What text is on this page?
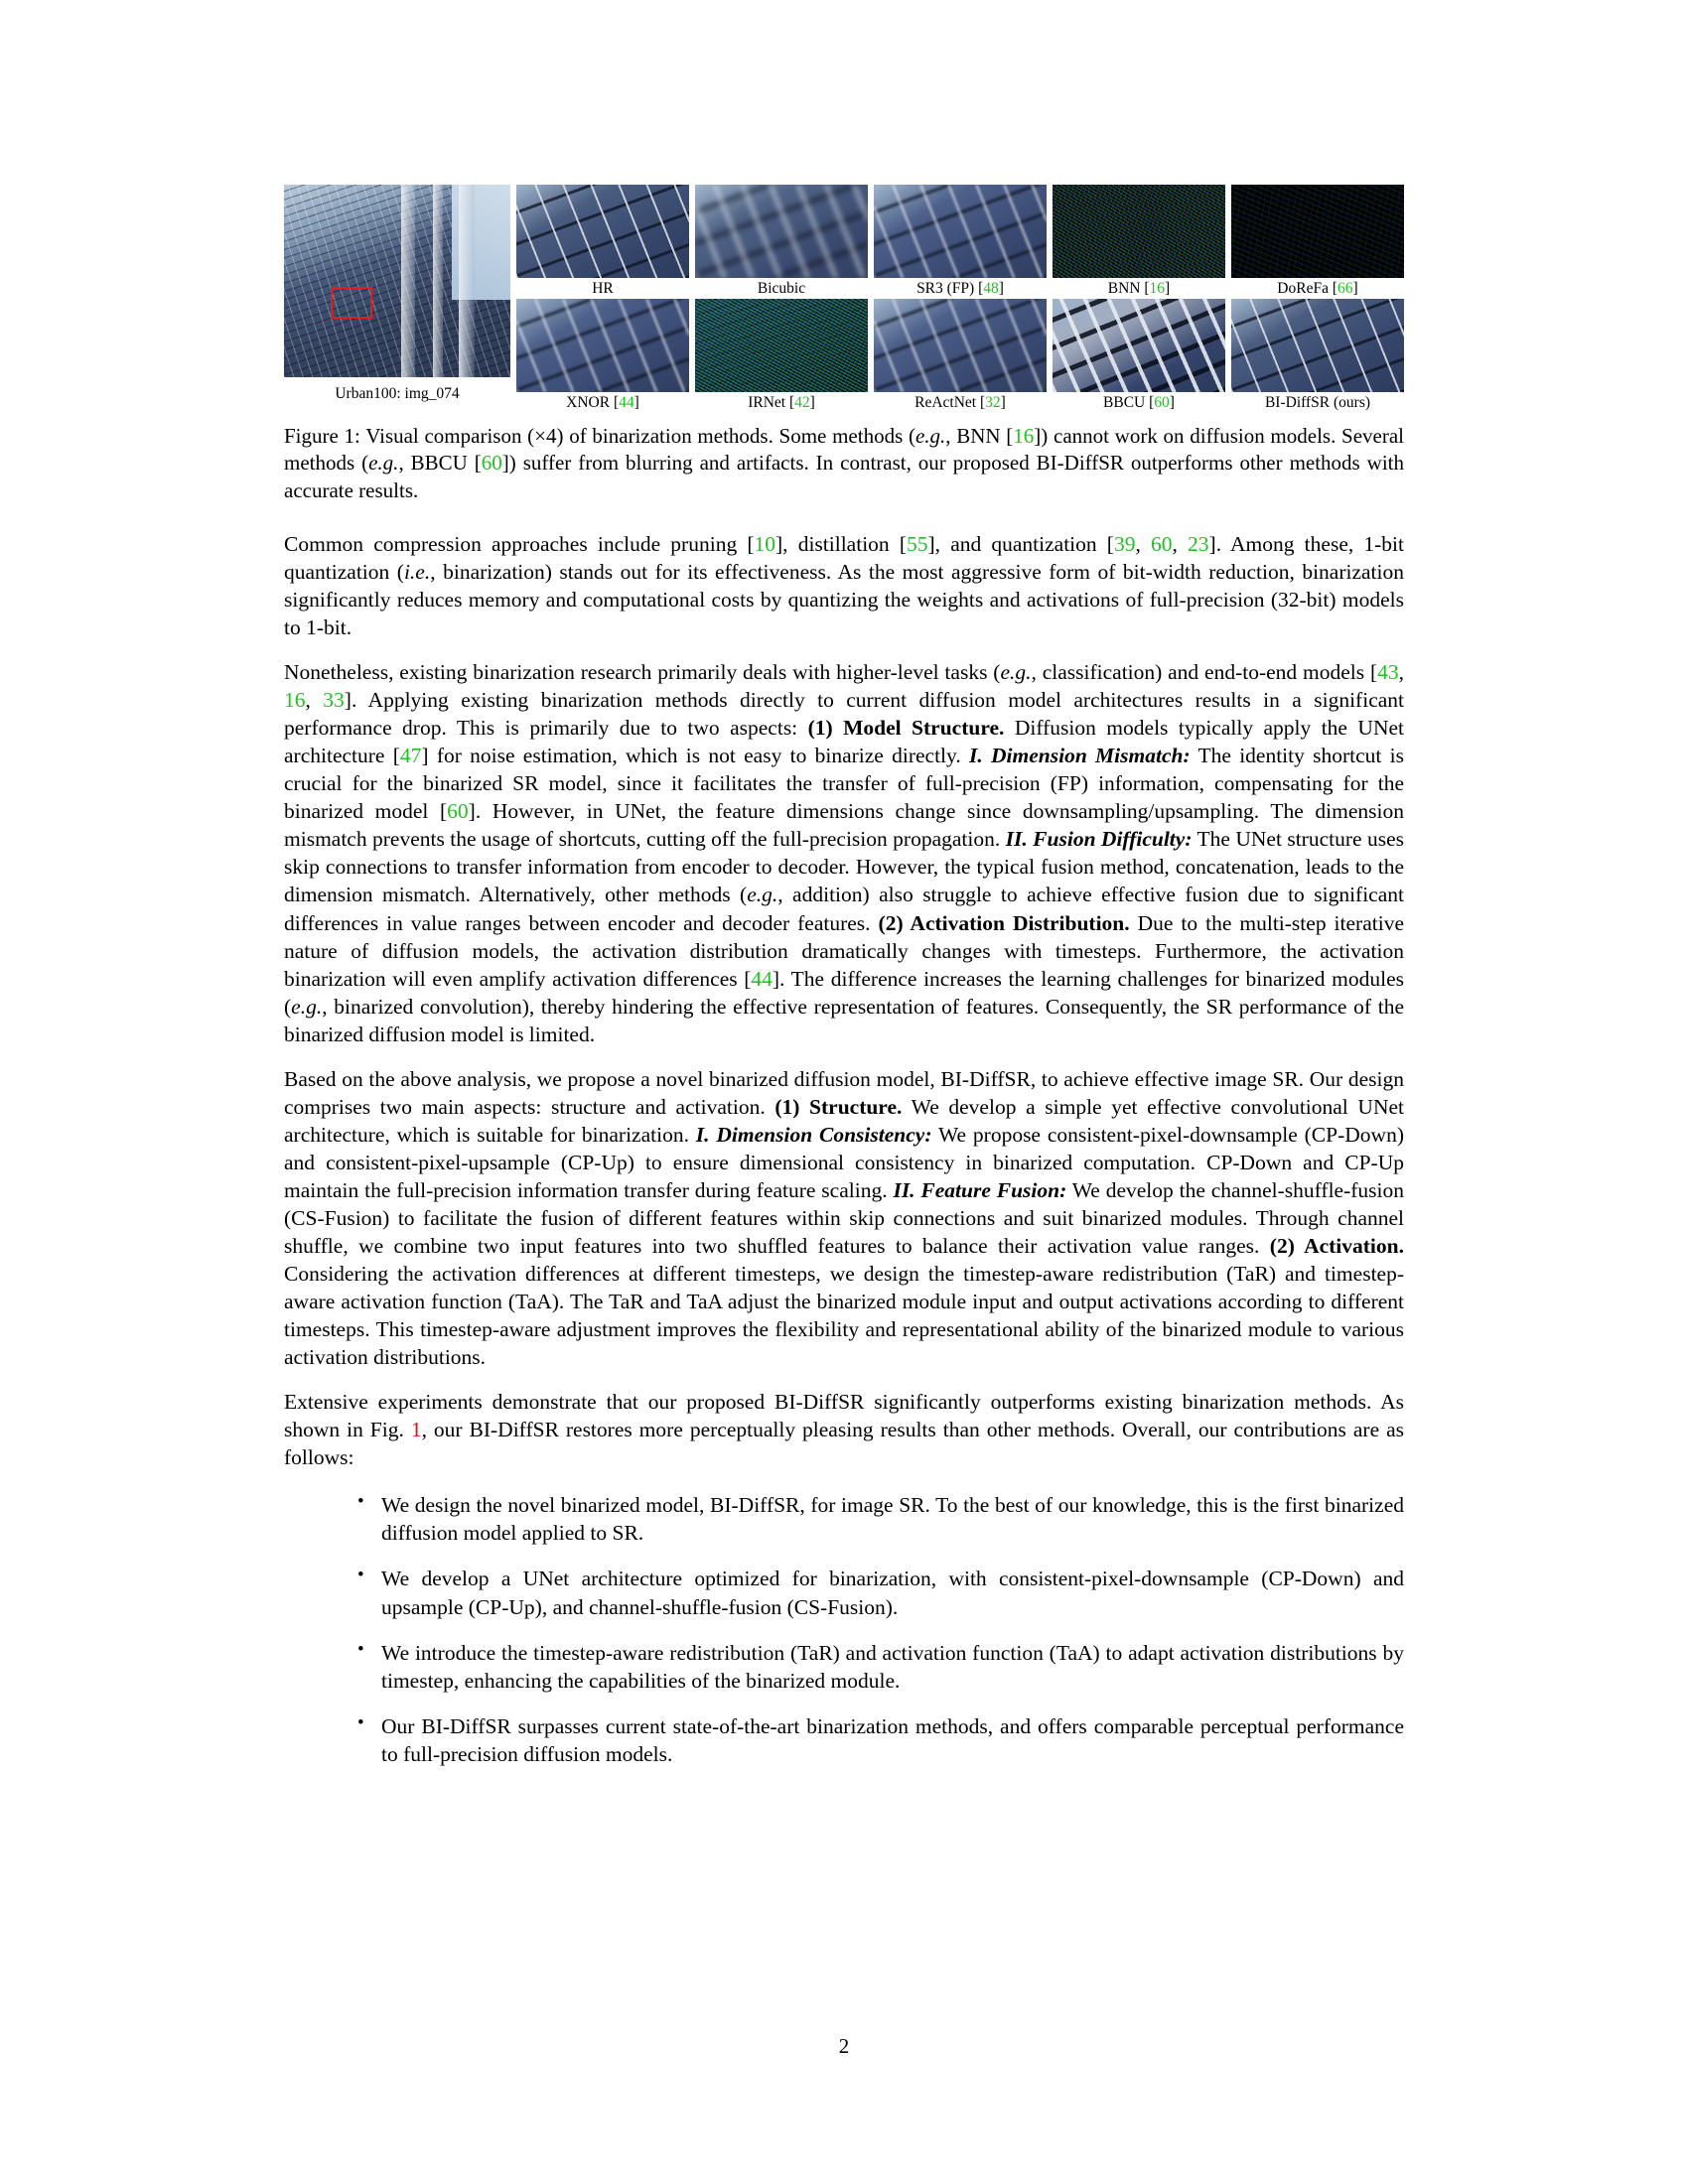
Urban100: img_074
HR	Bicubic	SR3 (FP) [48]	BNN [16]	DoReFa [66]
XNOR [44]	IRNet [42]	ReActNet [32]	BBCU [60]	BI-DiffSR (ours)
Figure 1: Visual comparison (×4) of binarization methods. Some methods (e.g., BNN [16]) cannot work on diffusion models. Several methods (e.g., BBCU [60]) suffer from blurring and artifacts. In contrast, our proposed BI-DiffSR outperforms other methods with accurate results.

Common compression approaches include pruning [10], distillation [55], and quantization [39, 60, 23]. Among these, 1-bit quantization (i.e., binarization) stands out for its effectiveness. As the most aggressive form of bit-width reduction, binarization significantly reduces memory and computational costs by quantizing the weights and activations of full-precision (32-bit) models to 1-bit.

Nonetheless, existing binarization research primarily deals with higher-level tasks (e.g., classification) and end-to-end models [43, 16, 33]. Applying existing binarization methods directly to current diffusion model architectures results in a significant performance drop. This is primarily due to two aspects: (1) Model Structure. Diffusion models typically apply the UNet architecture [47] for noise estimation, which is not easy to binarize directly. I. Dimension Mismatch: The identity shortcut is crucial for the binarized SR model, since it facilitates the transfer of full-precision (FP) information, compensating for the binarized model [60]. However, in UNet, the feature dimensions change since downsampling/upsampling. The dimension mismatch prevents the usage of shortcuts, cutting off the full-precision propagation. II. Fusion Difficulty: The UNet structure uses skip connections to transfer information from encoder to decoder. However, the typical fusion method, concatenation, leads to the dimension mismatch. Alternatively, other methods (e.g., addition) also struggle to achieve effective fusion due to significant differences in value ranges between encoder and decoder features. (2) Activation Distribution. Due to the multi-step iterative nature of diffusion models, the activation distribution dramatically changes with timesteps. Furthermore, the activation binarization will even amplify activation differences [44]. The difference increases the learning challenges for binarized modules (e.g., binarized convolution), thereby hindering the effective representation of features. Consequently, the SR performance of the binarized diffusion model is limited.

Based on the above analysis, we propose a novel binarized diffusion model, BI-DiffSR, to achieve effective image SR. Our design comprises two main aspects: structure and activation. (1) Structure. We develop a simple yet effective convolutional UNet architecture, which is suitable for binarization. I. Dimension Consistency: We propose consistent-pixel-downsample (CP-Down) and consistent-pixel-upsample (CP-Up) to ensure dimensional consistency in binarized computation. CP-Down and CP-Up maintain the full-precision information transfer during feature scaling. II. Feature Fusion: We develop the channel-shuffle-fusion (CS-Fusion) to facilitate the fusion of different features within skip connections and suit binarized modules. Through channel shuffle, we combine two input features into two shuffled features to balance their activation value ranges. (2) Activation. Considering the activation differences at different timesteps, we design the timestep-aware redistribution (TaR) and timestep-aware activation function (TaA). The TaR and TaA adjust the binarized module input and output activations according to different timesteps. This timestep-aware adjustment improves the flexibility and representational ability of the binarized module to various activation distributions.

Extensive experiments demonstrate that our proposed BI-DiffSR significantly outperforms existing binarization methods. As shown in Fig. 1, our BI-DiffSR restores more perceptually pleasing results than other methods. Overall, our contributions are as follows:

• We design the novel binarized model, BI-DiffSR, for image SR. To the best of our knowledge, this is the first binarized diffusion model applied to SR.
• We develop a UNet architecture optimized for binarization, with consistent-pixel-downsample (CP-Down) and upsample (CP-Up), and channel-shuffle-fusion (CS-Fusion).
• We introduce the timestep-aware redistribution (TaR) and activation function (TaA) to adapt activation distributions by timestep, enhancing the capabilities of the binarized module.
• Our BI-DiffSR surpasses current state-of-the-art binarization methods, and offers comparable perceptual performance to full-precision diffusion models.
2
